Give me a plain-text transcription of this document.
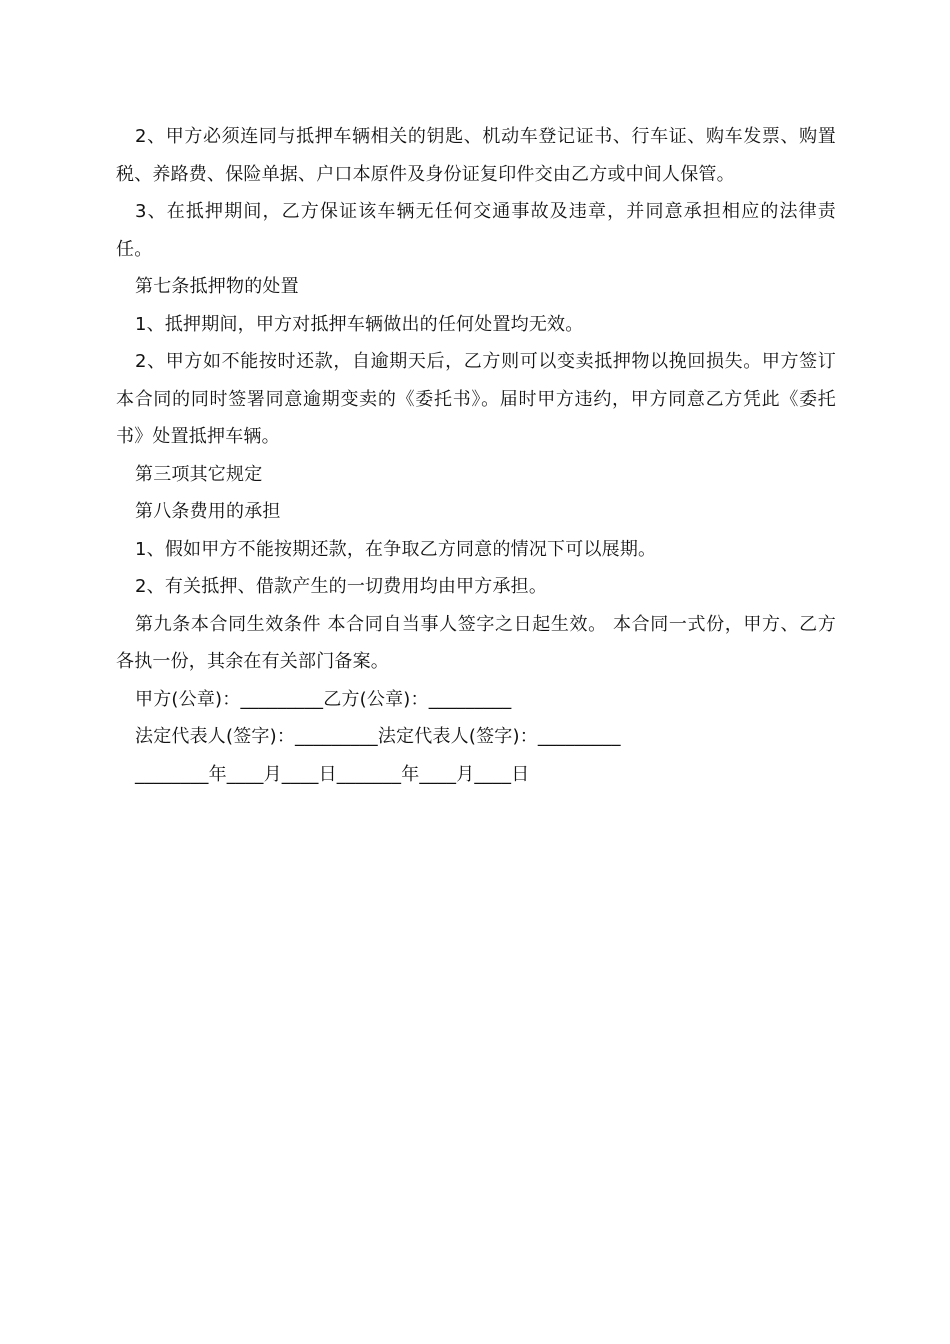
2、甲方必须连同与抵押车辆相关的钥匙、机动车登记证书、行车证、购车发票、购置税、养路费、保险单据、户口本原件及身份证复印件交由乙方或中间人保管。

3、在抵押期间，乙方保证该车辆无任何交通事故及违章，并同意承担相应的法律责任。

第七条抵押物的处置

1、抵押期间，甲方对抵押车辆做出的任何处置均无效。

2、甲方如不能按时还款，自逾期天后，乙方则可以变卖抵押物以挽回损失。甲方签订本合同的同时签署同意逾期变卖的《委托书》。届时甲方违约，甲方同意乙方凭此《委托书》处置抵押车辆。

第三项其它规定

第八条费用的承担

1、假如甲方不能按期还款，在争取乙方同意的情况下可以展期。

2、有关抵押、借款产生的一切费用均由甲方承担。

第九条本合同生效条件 本合同自当事人签字之日起生效。 本合同一式份，甲方、乙方各执一份，其余在有关部门备案。

甲方(公章)：_________乙方(公章)：_________

法定代表人(签字)：_________法定代表人(签字)：_________

________年____月____日_______年____月____日
